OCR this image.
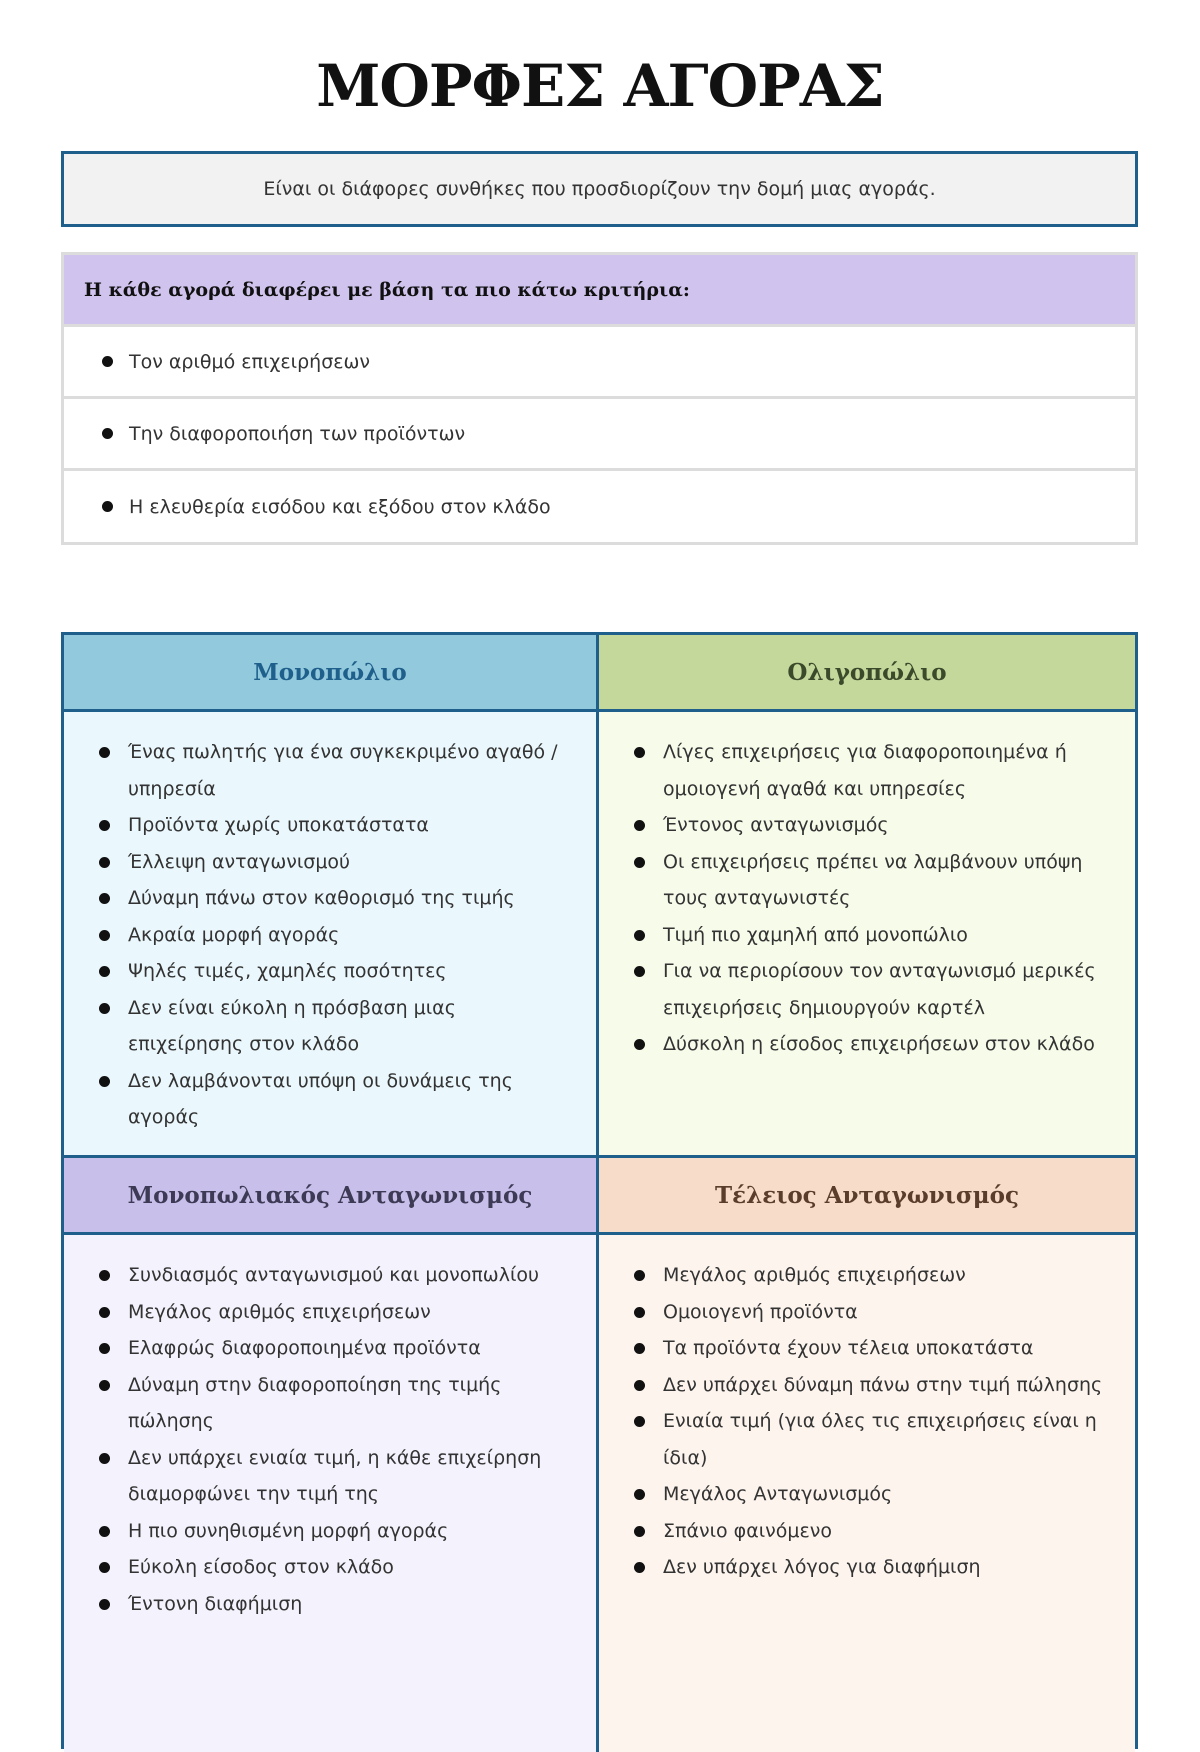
ΜΟΡΦΕΣ ΑΓΟΡΑΣ
Είναι οι διάφορες συνθήκες που προσδιορίζουν την δομή μιας αγοράς.
Η κάθε αγορά διαφέρει με βάση τα πιο κάτω κριτήρια:
Τον αριθμό επιχειρήσεων
Την διαφοροποιήση των προϊόντων
Η ελευθερία εισόδου και εξόδου στον κλάδο
Μονοπώλιο
Ένας πωλητής για ένα συγκεκριμένο αγαθό / υπηρεσία
Προϊόντα χωρίς υποκατάστατα
Έλλειψη ανταγωνισμού
Δύναμη πάνω στον καθορισμό της τιμής
Ακραία μορφή αγοράς
Ψηλές τιμές, χαμηλές ποσότητες
Δεν είναι εύκολη η πρόσβαση μιας επιχείρησης στον κλάδο
Δεν λαμβάνονται υπόψη οι δυνάμεις της αγοράς
Ολιγοπώλιο
Λίγες επιχειρήσεις για διαφοροποιημένα ή ομοιογενή αγαθά και υπηρεσίες
Έντονος ανταγωνισμός
Οι επιχειρήσεις πρέπει να λαμβάνουν υπόψη τους ανταγωνιστές
Τιμή πιο χαμηλή από μονοπώλιο
Για να περιορίσουν τον ανταγωνισμό μερικές επιχειρήσεις δημιουργούν καρτέλ
Δύσκολη η είσοδος επιχειρήσεων στον κλάδο
Μονοπωλιακός Ανταγωνισμός
Συνδιασμός ανταγωνισμού και μονοπωλίου
Μεγάλος αριθμός επιχειρήσεων
Ελαφρώς διαφοροποιημένα προϊόντα
Δύναμη στην διαφοροποίηση της τιμής πώλησης
Δεν υπάρχει ενιαία τιμή, η κάθε επιχείρηση διαμορφώνει την τιμή της
Η πιο συνηθισμένη μορφή αγοράς
Εύκολη είσοδος στον κλάδο
Έντονη διαφήμιση
Τέλειος Ανταγωνισμός
Μεγάλος αριθμός επιχειρήσεων
Ομοιογενή προϊόντα
Τα προϊόντα έχουν τέλεια υποκατάστα
Δεν υπάρχει δύναμη πάνω στην τιμή πώλησης
Ενιαία τιμή (για όλες τις επιχειρήσεις είναι η ίδια)
Μεγάλος Ανταγωνισμός
Σπάνιο φαινόμενο
Δεν υπάρχει λόγος για διαφήμιση
